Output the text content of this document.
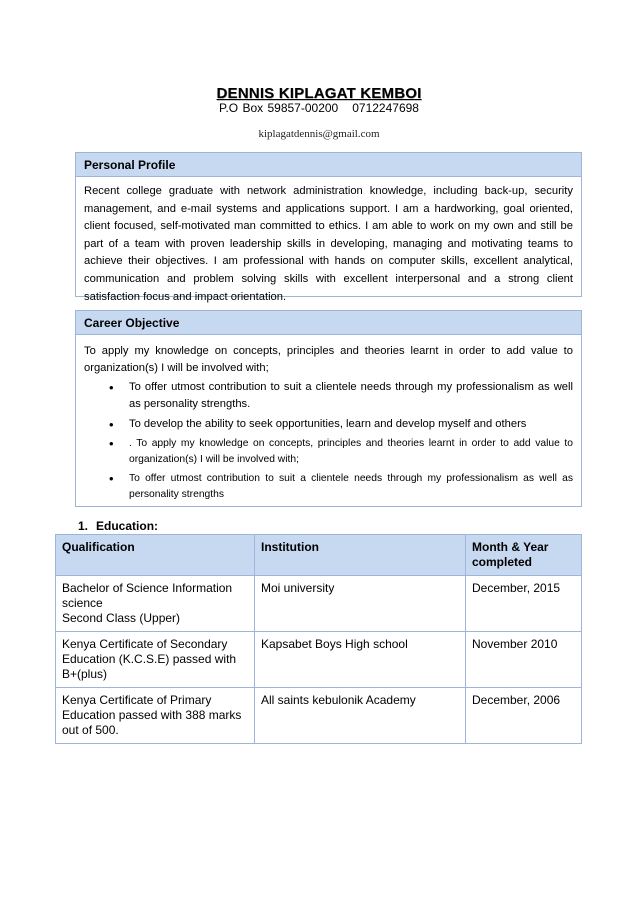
DENNIS KIPLAGAT KEMBOI
P.O Box 59857-00200 0712247698
kiplagatdennis@gmail.com
Personal Profile
Recent college graduate with network administration knowledge, including back-up, security management, and e-mail systems and applications support. I am a hardworking, goal oriented, client focused, self-motivated man committed to ethics. I am able to work on my own and still be part of a team with proven leadership skills in developing, managing and motivating teams to achieve their objectives. I am professional with hands on computer skills, excellent analytical, communication and problem solving skills with excellent interpersonal and a strong client satisfaction focus and impact orientation.
Career Objective
To apply my knowledge on concepts, principles and theories learnt in order to add value to organization(s) I will be involved with;
• To offer utmost contribution to suit a clientele needs through my professionalism as well as personality strengths.
• To develop the ability to seek opportunities, learn and develop myself and others
• . To apply my knowledge on concepts, principles and theories learnt in order to add value to organization(s) I will be involved with;
• To offer utmost contribution to suit a clientele needs through my professionalism as well as personality strengths
1. Education:
Qualification	Institution	Month & Year completed

Bachelor of Science Information science
Second Class (Upper)	Moi university	December, 2015

Kenya Certificate of Secondary Education (K.C.S.E) passed with B+(plus)	Kapsabet Boys High school	November 2010

Kenya Certificate of Primary Education passed with 388 marks out of 500.	All saints kebulonik Academy	December, 2006
